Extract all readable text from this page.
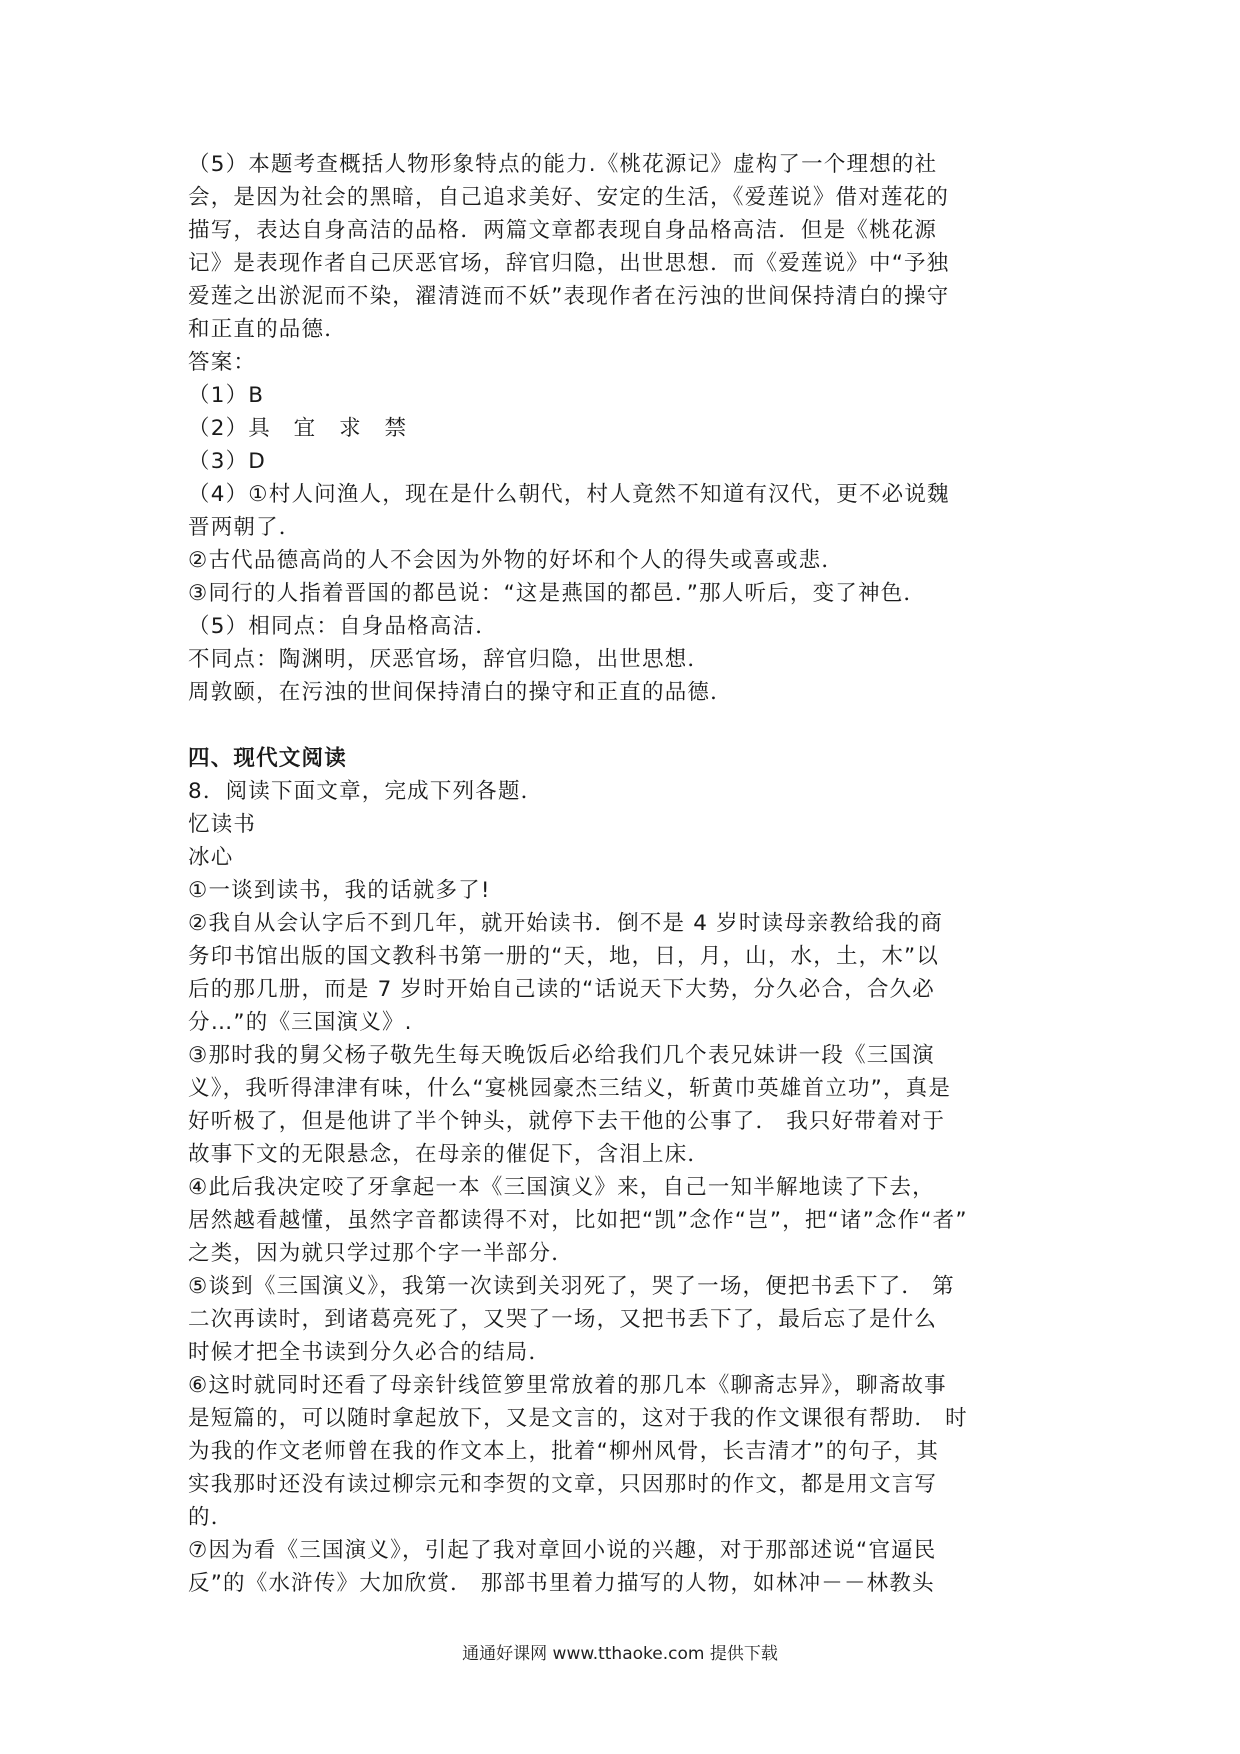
（5）本题考查概括人物形象特点的能力.《桃花源记》虚构了一个理想的社
会，是因为社会的黑暗，自己追求美好、安定的生活，《爱莲说》借对莲花的
描写，表达自身高洁的品格．两篇文章都表现自身品格高洁．但是《桃花源
记》是表现作者自己厌恶官场，辞官归隐，出世思想．而《爱莲说》中“予独
爱莲之出淤泥而不染，濯清涟而不妖”表现作者在污浊的世间保持清白的操守
和正直的品德．
答案：
（1）B
（2）具　宜　求　禁
（3）D
（4）①村人问渔人，现在是什么朝代，村人竟然不知道有汉代，更不必说魏
晋两朝了．
②古代品德高尚的人不会因为外物的好坏和个人的得失或喜或悲．
③同行的人指着晋国的都邑说：“这是燕国的都邑．”那人听后，变了神色．
（5）相同点：自身品格高洁．
不同点：陶渊明，厌恶官场，辞官归隐，出世思想．
周敦颐，在污浊的世间保持清白的操守和正直的品德．
四、现代文阅读
8．阅读下面文章，完成下列各题．
忆读书
冰心
①一谈到读书，我的话就多了!
②我自从会认字后不到几年，就开始读书．倒不是 4 岁时读母亲教给我的商
务印书馆出版的国文教科书第一册的“天，地，日，月，山，水，土，木”以
后的那几册，而是 7 岁时开始自己读的“话说天下大势，分久必合，合久必
分…”的《三国演义》.
③那时我的舅父杨子敬先生每天晚饭后必给我们几个表兄妹讲一段《三国演
义》，我听得津津有味，什么“宴桃园豪杰三结义，斩黄巾英雄首立功”，真是
好听极了，但是他讲了半个钟头，就停下去干他的公事了． 我只好带着对于
故事下文的无限悬念，在母亲的催促下，含泪上床．
④此后我决定咬了牙拿起一本《三国演义》来，自己一知半解地读了下去，
居然越看越懂，虽然字音都读得不对，比如把“凯”念作“岂”，把“诸”念作“者”
之类，因为就只学过那个字一半部分．
⑤谈到《三国演义》，我第一次读到关羽死了，哭了一场，便把书丢下了． 第
二次再读时，到诸葛亮死了，又哭了一场，又把书丢下了，最后忘了是什么
时候才把全书读到分久必合的结局．
⑥这时就同时还看了母亲针线笸箩里常放着的那几本《聊斋志异》，聊斋故事
是短篇的，可以随时拿起放下，又是文言的，这对于我的作文课很有帮助． 时
为我的作文老师曾在我的作文本上，批着“柳州风骨，长吉清才”的句子，其
实我那时还没有读过柳宗元和李贺的文章，只因那时的作文，都是用文言写
的．
⑦因为看《三国演义》，引起了我对章回小说的兴趣，对于那部述说“官逼民
反”的《水浒传》大加欣赏． 那部书里着力描写的人物，如林冲－－林教头
通通好课网 www.tthaoke.com 提供下载
